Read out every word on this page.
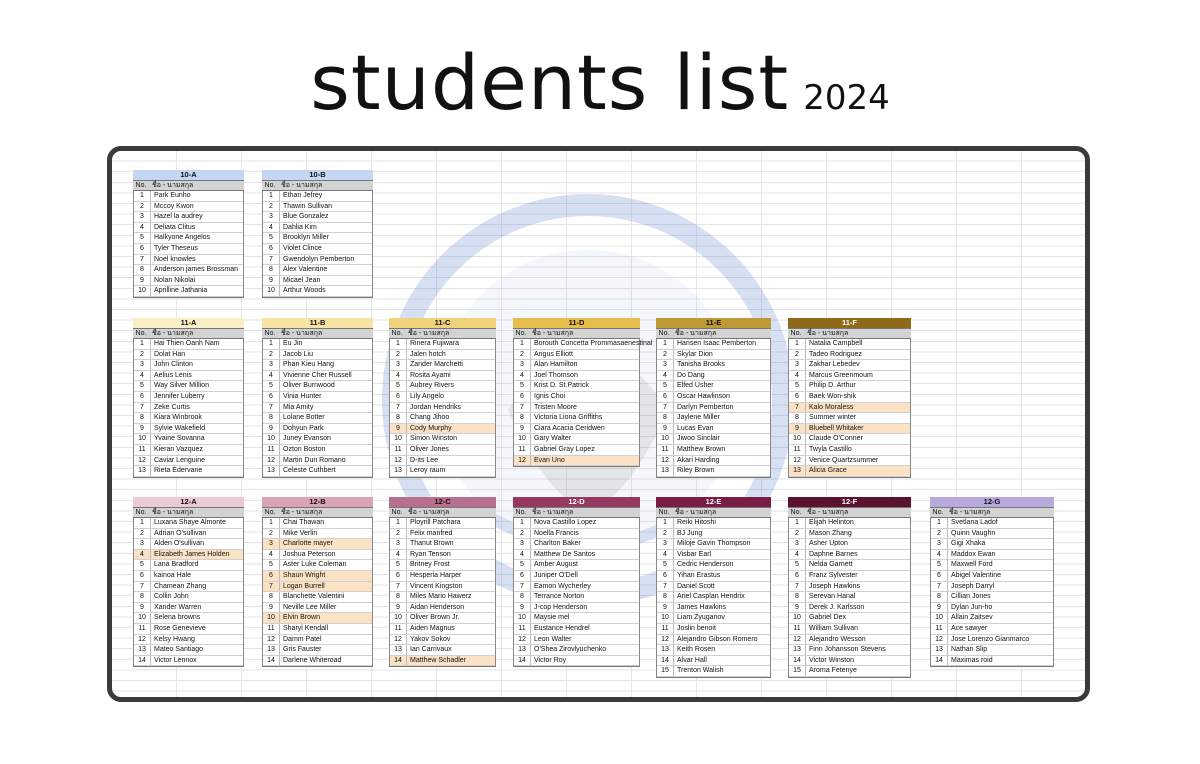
students list 2024
10-A
No. ชื่อ - นามสกุล
1	Park Eunho
2	Mccoy Kwon
3	Hazel la audrey
4	Deliata Clitus
5	Halkyone Angelos
6	Tyler Theseus
7	Noel knowles
8	Anderson james Brossman
9	Nolan Nikolai
10	Aprilline Jathania
10-B
No. ชื่อ - นามสกุล
1	Ethan Jefrey
2	Thawin Sullivan
3	Blue Gonzalez
4	Dahlia Kim
5	Brooklyn Miller
6	Violet Clince
7	Gwendolyn Pemberton
8	Alex Valentine
9	Micael Jean
10	Arthur Woods
11-A
No. ชื่อ - นามสกุล
1	Hai Thien Oanh Nam
2	Dolat Han
3	John Clinton
4	Aelius Lenis
5	Way Silver Million
6	Jennifer Luberry
7	Zeke Curtis
8	Kiara Winbrook
9	Sylvie Wakefield
10	Yvaine Sovanna
11	Kieran Vazquez
12	Caviar Lenguine
13	Rieta Edervane
11-B
No. ชื่อ - นามสกุล
1	Eu Jin
2	Jacob Liu
3	Phan Kieu Hang
4	Vivienne Cher Russell
5	Oliver Burnwood
6	Vinia Hunter
7	Mia Amity
8	Lolane Botter
9	Dohyun Park
10	Juney Evanson
11	Ozton Boston
12	Martin Dun Romano
13	Celeste Cuthbert
11-C
No. ชื่อ - นามสกุล
1	Rinera Fujiwara
2	Jalen hotch
3	Zander Marchetti
4	Rosita Ayami
5	Aubrey Rivers
6	Lily Angelo
7	Jordan Hendriks
8	Chang Jihoo
9	Cody Murphy
10	Simon Winston
11	Oliver Jones
12	D-its Lee
13	Leroy raum
11-D
No. ชื่อ - นามสกุล
1	Borouth Concetta Prommasaenestinal
2	Angus Elliott
3	Alan Hamilton
4	Joel Thomson
5	Krist D. St.Patrick
6	Ignis Choi
7	Tristen Moore
8	Victoria Liona Griffiths
9	Ciara Acacia Ceridwen
10	Gary Walter
11	Gabriel Gray Lopez
12	Evan Uno
11-E
No. ชื่อ - นามสกุล
1	Harisen Isaac Pemberton
2	Skylar Dion
3	Tanisha Brooks
4	Do Dang
5	Elfed Usher
6	Oscar Hawlinson
7	Darlyn Pemberton
8	Jaylene Miller
9	Lucas Evan
10	Jiwoo Sinclair
11	Matthew Brown
12	Akari Harding
13	Riley Brown
11-F
No. ชื่อ - นามสกุล
1	Natalia Campbell
2	Tadeo Rodriguez
3	Zakhar Lebedev
4	Marcus Greenmoum
5	Philip D. Arthur
6	Baek Won-shik
7	Kalo Moraless
8	Summer winter
9	Bluebell Whitaker
10	Claude O'Conner
11	Twyla Castillo
12	Venice Quartzsummer
13	Alicia Grace
12-A
No. ชื่อ - นามสกุล
1	Luxana Shaye Almonte
2	Adrian O'sullivan
3	Alden O'sullivan
4	Elizabeth James Holden
5	Lana Bradford
6	kainoa Hale
7	Chamean Zhang
8	Collin John
9	Xander Warren
10	Selena browns
11	Rose Genevieve
12	Kelsy Hwang
13	Mateo Santiago
14	Victor Lennox
12-B
No. ชื่อ - นามสกุล
1	Chai Thawan
2	Mike Verlin
3	Charlotte mayer
4	Joshua Peterson
5	Aster Luke Coleman
6	Shaun Wright
7	Logan Burrell
8	Blanchette Valentini
9	Neville Lee Miller
10	Elvin Brown
11	Sharyl Kendall
12	Damm Patel
13	Gris Fauster
14	Darlene Whiteroad
12-C
No. ชื่อ - นามสกุล
1	Ployrill Patchara
2	Felix manfred
3	Thanut Brown
4	Ryan Tenson
5	Britney Frost
6	Hesperia Harper
7	Vincent Kingston
8	Miles Mario Hawerz
9	Aidan Henderson
10	Oliver Brown Jr.
11	Aiden Magnus
12	Yakov Sokov
13	Ian Carrivaux
14	Matthew Schadler
12-D
No. ชื่อ - นามสกุล
1	Nova Castillo Lopez
2	Noella Francis
3	Charlton Baker
4	Matthew De Santos
5	Amber August
6	Juniper O'Dell
7	Eamon Wycherley
8	Terrance Norton
9	J-cop Henderson
10	Maysie mel
11	Eustance Hendrel
12	Leon Walter
13	O'Shea Zirovlyuchenko
14	Victor Roy
12-E
No. ชื่อ - นามสกุล
1	Reiki Hitoshi
2	BJ Jung
3	Miloje Gavin Thompson
4	Visbar Earl
5	Cedric Henderson
6	Yihan Erastus
7	Daniel Scott
8	Ariel Casplan Hendrix
9	James Hawkins
10	Liam Zyuganov
11	Joslin benoit
12	Alejandro Gibson Romero
13	Keith Rosen
14	Alvar Hall
15	Trenton Walish
12-F
No. ชื่อ - นามสกุล
1	Elijah Helinton
2	Mason Zhang
3	Asher Upton
4	Daphne Barnes
5	Nelda Garnett
6	Franz Sylvester
7	Joseph Hawkins
8	Serevan Hanal
9	Derek J. Karlsson
10	Gabriel Dex
11	William Sullivan
12	Alejandro Wesson
13	Finn Johansson Stevens
14	Victor Winston
15	Aroma Fetenye
12-G
No. ชื่อ - นามสกุล
1	Svetlana Ladof
2	Quinn Vaughn
3	Gigi Xhaka
4	Maddox Ewan
5	Maxwell Ford
6	Abigel Valentine
7	Joseph Darryl
8	Cillian Jones
9	Dylan Jun-ho
10	Allain Zaitsev
11	Ace sawyer
12	Jose Lorenzo Gianmarco
13	Nathan Slip
14	Maximas roid
